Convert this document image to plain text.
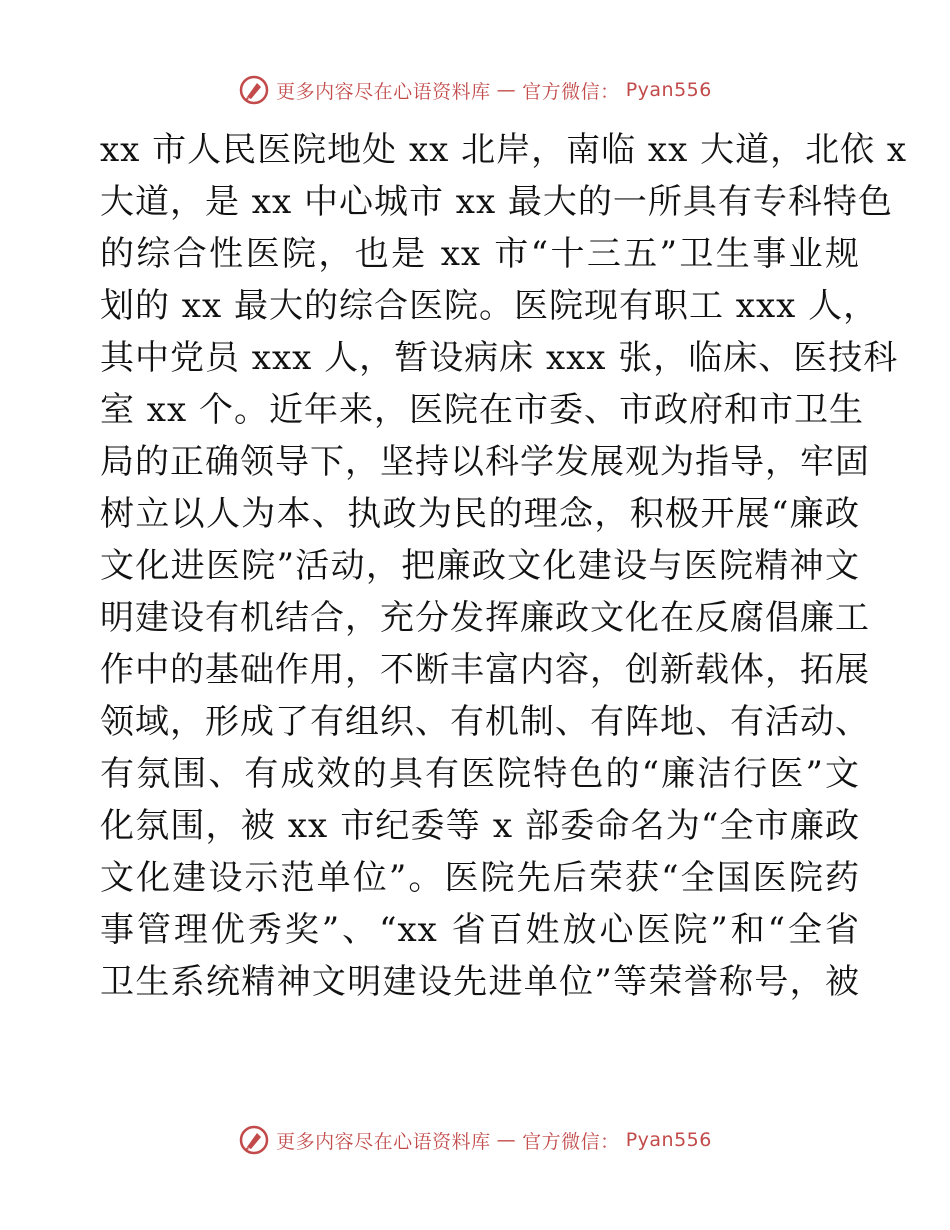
更多内容尽在心语资料库 — 官方微信： Pyan556
xx 市人民医院地处 xx 北岸，南临 xx 大道，北依 x
大道，是 xx 中心城市 xx 最大的一所具有专科特色
的综合性医院，也是 xx 市“十三五”卫生事业规
划的 xx 最大的综合医院。医院现有职工 xxx 人，
其中党员 xxx 人，暂设病床 xxx 张，临床、医技科
室 xx 个。近年来，医院在市委、市政府和市卫生
局的正确领导下，坚持以科学发展观为指导，牢固
树立以人为本、执政为民的理念，积极开展“廉政
文化进医院”活动，把廉政文化建设与医院精神文
明建设有机结合，充分发挥廉政文化在反腐倡廉工
作中的基础作用，不断丰富内容，创新载体，拓展
领域，形成了有组织、有机制、有阵地、有活动、
有氛围、有成效的具有医院特色的“廉洁行医”文
化氛围，被 xx 市纪委等 x 部委命名为“全市廉政
文化建设示范单位”。医院先后荣获“全国医院药
事管理优秀奖”、“xx 省百姓放心医院”和“全省
卫生系统精神文明建设先进单位”等荣誉称号，被
更多内容尽在心语资料库 — 官方微信： Pyan556
